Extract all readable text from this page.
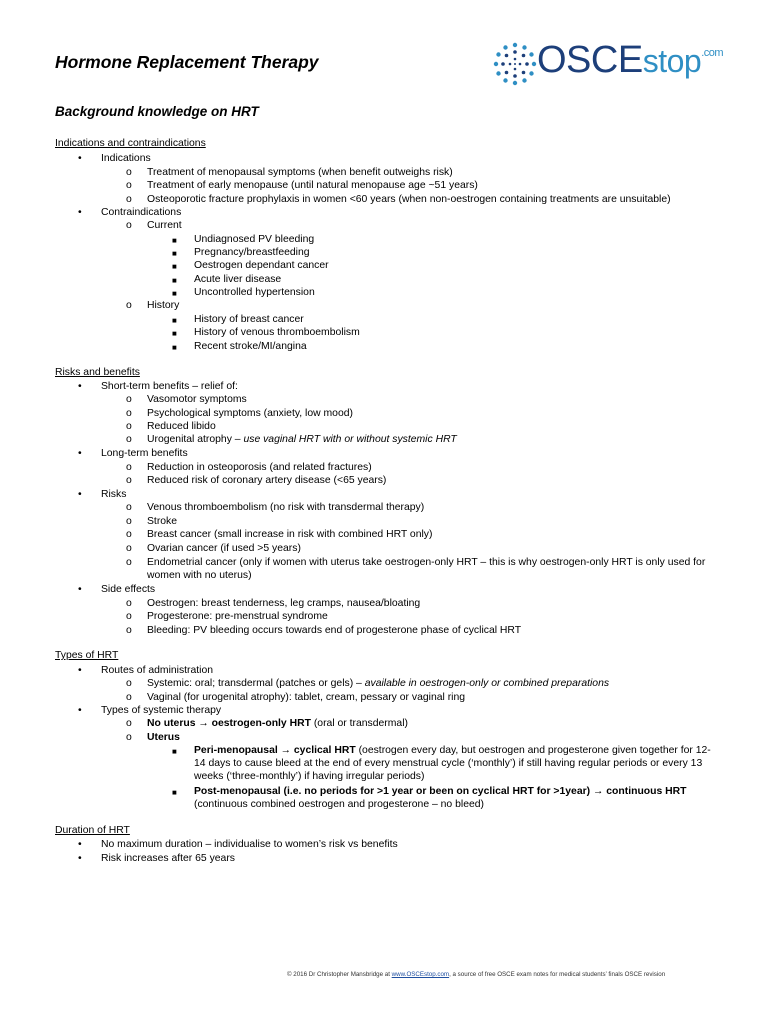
Hormone Replacement Therapy	OSCEstop$^{.com}$
Background knowledge on HRT
Indications and contraindications
• Indications
o Treatment of menopausal symptoms (when benefit outweighs risk)
o Treatment of early menopause (until natural menopause age ~51 years)
o Osteoporotic fracture prophylaxis in women <60 years (when non-oestrogen containing treatments are unsuitable)
• Contraindications
o Current
■ Undiagnosed PV bleeding
■ Pregnancy/breastfeeding
■ Oestrogen dependant cancer
■ Acute liver disease
■ Uncontrolled hypertension
o History
■ History of breast cancer
■ History of venous thromboembolism
■ Recent stroke/MI/angina
Risks and benefits
• Short-term benefits – relief of:
o Vasomotor symptoms
o Psychological symptoms (anxiety, low mood)
o Reduced libido
o Urogenital atrophy – use vaginal HRT with or without systemic HRT
• Long-term benefits
o Reduction in osteoporosis (and related fractures)
o Reduced risk of coronary artery disease (<65 years)
• Risks
o Venous thromboembolism (no risk with transdermal therapy)
o Stroke
o Breast cancer (small increase in risk with combined HRT only)
o Ovarian cancer (if used >5 years)
o Endometrial cancer (only if women with uterus take oestrogen-only HRT – this is why oestrogen-only HRT is only used for women with no uterus)
• Side effects
o Oestrogen: breast tenderness, leg cramps, nausea/bloating
o Progesterone: pre-menstrual syndrome
o Bleeding: PV bleeding occurs towards end of progesterone phase of cyclical HRT
Types of HRT
• Routes of administration
o Systemic: oral; transdermal (patches or gels) – available in oestrogen-only or combined preparations
o Vaginal (for urogenital atrophy): tablet, cream, pessary or vaginal ring
• Types of systemic therapy
o No uterus → oestrogen-only HRT (oral or transdermal)
o Uterus
■ Peri-menopausal → cyclical HRT (oestrogen every day, but oestrogen and progesterone given together for 12-14 days to cause bleed at the end of every menstrual cycle (‘monthly’) if still having regular periods or every 13 weeks (‘three-monthly’) if having irregular periods)
■ Post-menopausal (i.e. no periods for >1 year or been on cyclical HRT for >1year) → continuous HRT (continuous combined oestrogen and progesterone – no bleed)
Duration of HRT
• No maximum duration – individualise to women’s risk vs benefits
• Risk increases after 65 years
© 2016 Dr Christopher Mansbridge at www.OSCEstop.com, a source of free OSCE exam notes for medical students’ finals OSCE revision
